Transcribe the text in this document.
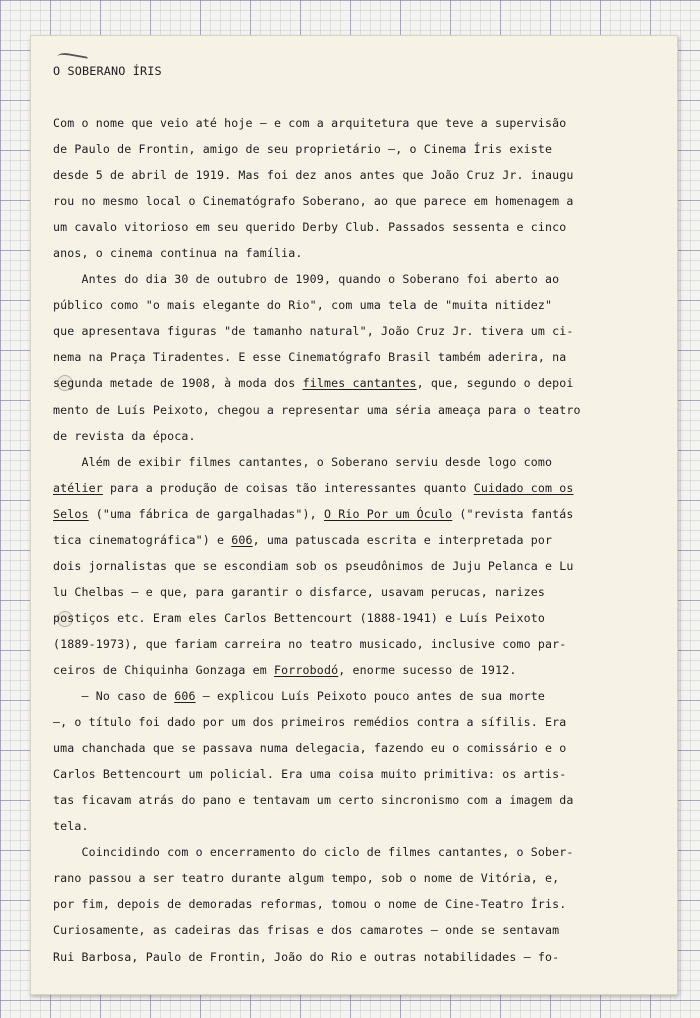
O SOBERANO ÍRIS
Com o nome que veio até hoje — e com a arquitetura que teve a supervisão
de Paulo de Frontin, amigo de seu proprietário —, o Cinema Íris existe
desde 5 de abril de 1919. Mas foi dez anos antes que João Cruz Jr. inaugu
rou no mesmo local o Cinematógrafo Soberano, ao que parece em homenagem a
um cavalo vitorioso em seu querido Derby Club. Passados sessenta e cinco
anos, o cinema continua na família.
Antes do dia 30 de outubro de 1909, quando o Soberano foi aberto ao
público como "o mais elegante do Rio", com uma tela de "muita nitidez"
que apresentava figuras "de tamanho natural", João Cruz Jr. tivera um ci-
nema na Praça Tiradentes. E esse Cinematógrafo Brasil também aderira, na
segunda metade de 1908, à moda dos filmes cantantes, que, segundo o depoi
mento de Luís Peixoto, chegou a representar uma séria ameaça para o teatro
de revista da época.
Além de exibir filmes cantantes, o Soberano serviu desde logo como
atélier para a produção de coisas tão interessantes quanto Cuidado com os
Selos ("uma fábrica de gargalhadas"), O Rio Por um Óculo ("revista fantás
tica cinematográfica") e 606, uma patuscada escrita e interpretada por
dois jornalistas que se escondiam sob os pseudônimos de Juju Pelanca e Lu
lu Chelbas — e que, para garantir o disfarce, usavam perucas, narizes
postiços etc. Eram eles Carlos Bettencourt (1888-1941) e Luís Peixoto
(1889-1973), que fariam carreira no teatro musicado, inclusive como par-
ceiros de Chiquinha Gonzaga em Forrobodó, enorme sucesso de 1912.
— No caso de 606 — explicou Luís Peixoto pouco antes de sua morte
—, o título foi dado por um dos primeiros remédios contra a sífilis. Era
uma chanchada que se passava numa delegacia, fazendo eu o comissário e o
Carlos Bettencourt um policial. Era uma coisa muito primitiva: os artis-
tas ficavam atrás do pano e tentavam um certo sincronismo com a imagem da
tela.
Coincidindo com o encerramento do ciclo de filmes cantantes, o Sober-
rano passou a ser teatro durante algum tempo, sob o nome de Vitória, e,
por fim, depois de demoradas reformas, tomou o nome de Cine-Teatro Íris.
Curiosamente, as cadeiras das frisas e dos camarotes — onde se sentavam
Rui Barbosa, Paulo de Frontin, João do Rio e outras notabilidades — fo-
